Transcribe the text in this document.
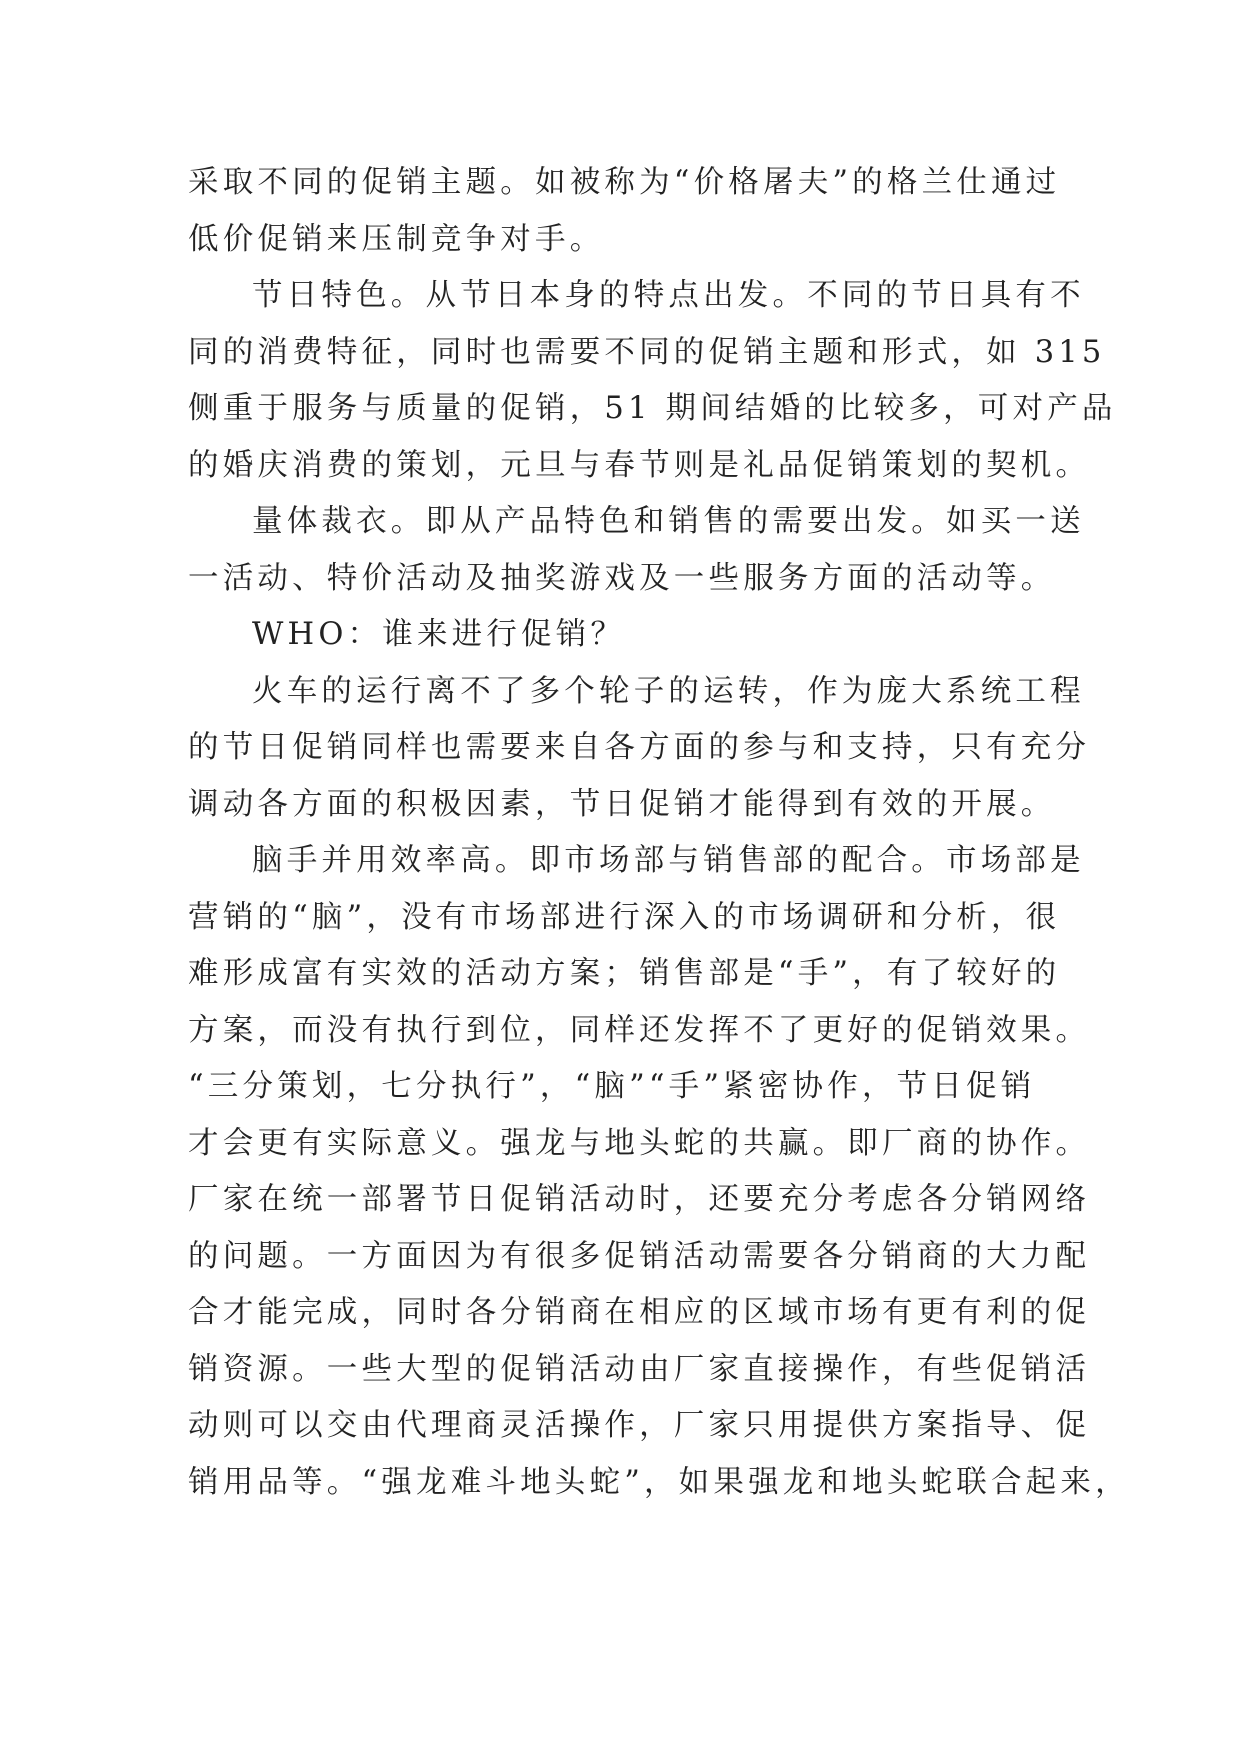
采取不同的促销主题。如被称为“价格屠夫”的格兰仕通过
低价促销来压制竞争对手。
节日特色。从节日本身的特点出发。不同的节日具有不
同的消费特征，同时也需要不同的促销主题和形式，如 315
侧重于服务与质量的促销，51 期间结婚的比较多，可对产品
的婚庆消费的策划，元旦与春节则是礼品促销策划的契机。
量体裁衣。即从产品特色和销售的需要出发。如买一送
一活动、特价活动及抽奖游戏及一些服务方面的活动等。
WHO：谁来进行促销？
火车的运行离不了多个轮子的运转，作为庞大系统工程
的节日促销同样也需要来自各方面的参与和支持，只有充分
调动各方面的积极因素，节日促销才能得到有效的开展。
脑手并用效率高。即市场部与销售部的配合。市场部是
营销的“脑”，没有市场部进行深入的市场调研和分析，很
难形成富有实效的活动方案；销售部是“手”，有了较好的
方案，而没有执行到位，同样还发挥不了更好的促销效果。
“三分策划，七分执行”，“脑”“手”紧密协作，节日促销
才会更有实际意义。强龙与地头蛇的共赢。即厂商的协作。
厂家在统一部署节日促销活动时，还要充分考虑各分销网络
的问题。一方面因为有很多促销活动需要各分销商的大力配
合才能完成，同时各分销商在相应的区域市场有更有利的促
销资源。一些大型的促销活动由厂家直接操作，有些促销活
动则可以交由代理商灵活操作，厂家只用提供方案指导、促
销用品等。“强龙难斗地头蛇”，如果强龙和地头蛇联合起来，
